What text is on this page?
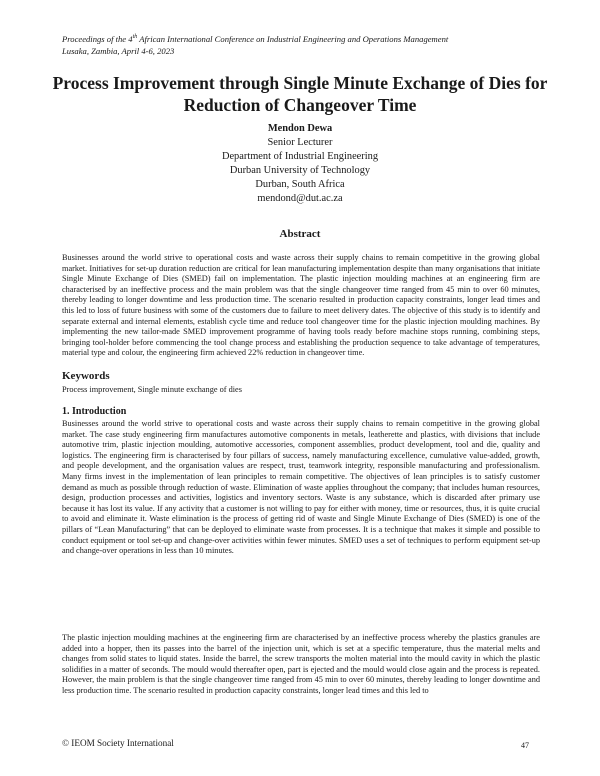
Proceedings of the 4th African International Conference on Industrial Engineering and Operations Management
Lusaka, Zambia, April 4-6, 2023
Process Improvement through Single Minute Exchange of Dies for Reduction of Changeover Time
Mendon Dewa
Senior Lecturer
Department of Industrial Engineering
Durban University of Technology
Durban, South Africa
mendond@dut.ac.za
Abstract
Businesses around the world strive to operational costs and waste across their supply chains to remain competitive in the growing global market. Initiatives for set-up duration reduction are critical for lean manufacturing implementation despite than many organisations that initiate Single Minute Exchange of Dies (SMED) fail on implementation. The plastic injection moulding machines at an engineering firm are characterised by an ineffective process and the main problem was that the single changeover time ranged from 45 min to over 60 minutes, thereby leading to longer downtime and less production time. The scenario resulted in production capacity constraints, longer lead times and this led to loss of future business with some of the customers due to failure to meet delivery dates. The objective of this study is to identify and separate external and internal elements, establish cycle time and reduce tool changeover time for the plastic injection moulding machines. By implementing the new tailor-made SMED improvement programme of having tools ready before machine stops running, combining steps, bringing tool-holder before commencing the tool change process and establishing the production sequence to take advantage of temperatures, material type and colour, the engineering firm achieved 22% reduction in changeover time.
Keywords
Process improvement, Single minute exchange of dies
1. Introduction
Businesses around the world strive to operational costs and waste across their supply chains to remain competitive in the growing global market. The case study engineering firm manufactures automotive components in metals, leatherette and plastics, with divisions that include automotive trim, plastic injection moulding, automotive accessories, component assemblies, product development, tool and die, quality and logistics. The engineering firm is characterised by four pillars of success, namely manufacturing excellence, cumulative value-added, growth, and people development, and the organisation values are respect, trust, teamwork integrity, responsible manufacturing and professionalism. Many firms invest in the implementation of lean principles to remain competitive. The objectives of lean principles is to satisfy customer demand as much as possible through reduction of waste. Elimination of waste applies throughout the company; that includes human resources, design, production processes and activities, logistics and inventory sectors. Waste is any substance, which is discarded after primary use because it has lost its value. If any activity that a customer is not willing to pay for either with money, time or resources, thus, it is quite crucial to avoid and eliminate it. Waste elimination is the process of getting rid of waste and Single Minute Exchange of Dies (SMED) is one of the pillars of “Lean Manufacturing” that can be deployed to eliminate waste from processes. It is a technique that makes it simple and possible to conduct equipment or tool set-up and change-over activities within fewer minutes. SMED uses a set of techniques to perform equipment set-up and change-over operations in less than 10 minutes.
The plastic injection moulding machines at the engineering firm are characterised by an ineffective process whereby the plastics granules are added into a hopper, then its passes into the barrel of the injection unit, which is set at a specific temperature, thus the material melts and changes from solid states to liquid states. Inside the barrel, the screw transports the molten material into the mould cavity in which the plastic solidifies in a matter of seconds. The mould would thereafter open, part is ejected and the mould would close again and the process is repeated. However, the main problem is that the single changeover time ranged from 45 min to over 60 minutes, thereby leading to longer downtime and less production time. The scenario resulted in production capacity constraints, longer lead times and this led to
© IEOM Society International	47
